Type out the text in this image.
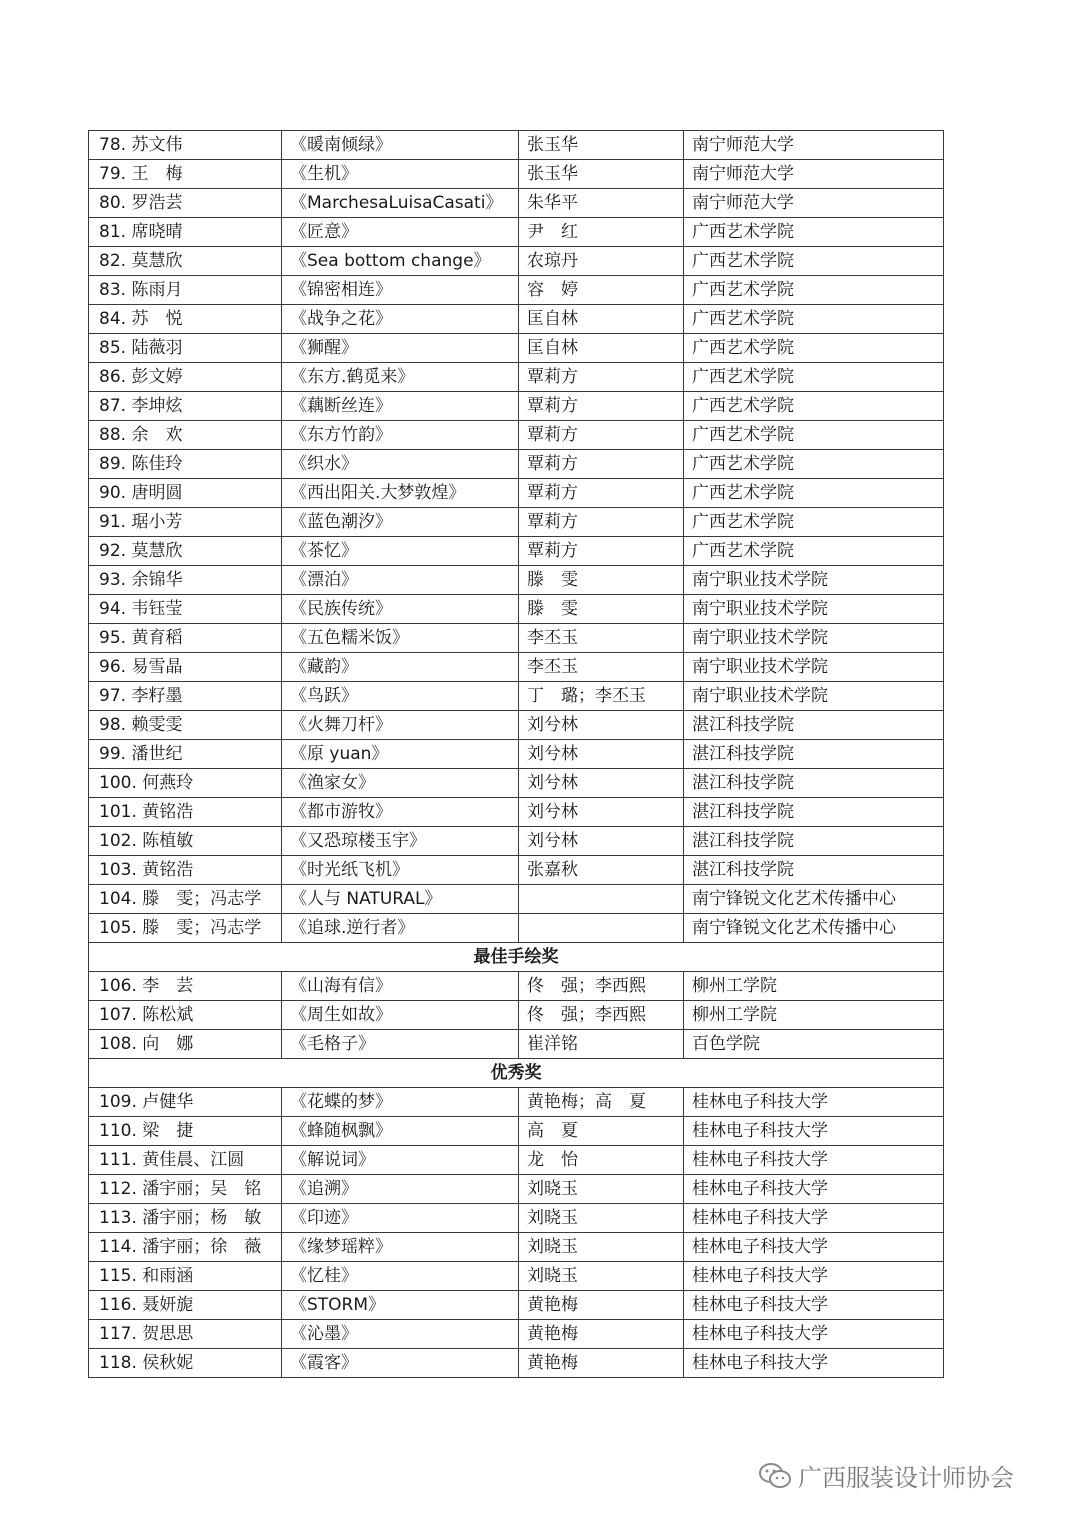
78. 苏文伟	《暖南倾绿》	张玉华	南宁师范大学
79. 王　梅	《生机》	张玉华	南宁师范大学
80. 罗浩芸	《MarchesaLuisaCasati》	朱华平	南宁师范大学
81. 席晓晴	《匠意》	尹　红	广西艺术学院
82. 莫慧欣	《Sea bottom change》	农琼丹	广西艺术学院
83. 陈雨月	《锦密相连》	容　婷	广西艺术学院
84. 苏　悦	《战争之花》	匡自林	广西艺术学院
85. 陆薇羽	《狮醒》	匡自林	广西艺术学院
86. 彭文婷	《东方.鹤觅来》	覃莉方	广西艺术学院
87. 李坤炫	《藕断丝连》	覃莉方	广西艺术学院
88. 余　欢	《东方竹韵》	覃莉方	广西艺术学院
89. 陈佳玲	《织水》	覃莉方	广西艺术学院
90. 唐明圆	《西出阳关.大梦敦煌》	覃莉方	广西艺术学院
91. 琚小芳	《蓝色潮汐》	覃莉方	广西艺术学院
92. 莫慧欣	《茶忆》	覃莉方	广西艺术学院
93. 余锦华	《漂泊》	滕　雯	南宁职业技术学院
94. 韦钰莹	《民族传统》	滕　雯	南宁职业技术学院
95. 黄育稻	《五色糯米饭》	李丕玉	南宁职业技术学院
96. 易雪晶	《藏韵》	李丕玉	南宁职业技术学院
97. 李籽墨	《鸟跃》	丁　璐；李丕玉	南宁职业技术学院
98. 赖雯雯	《火舞刀杆》	刘兮林	湛江科技学院
99. 潘世纪	《原 yuan》	刘兮林	湛江科技学院
100. 何燕玲	《渔家女》	刘兮林	湛江科技学院
101. 黄铭浩	《都市游牧》	刘兮林	湛江科技学院
102. 陈植敏	《又恐琼楼玉宇》	刘兮林	湛江科技学院
103. 黄铭浩	《时光纸飞机》	张嘉秋	湛江科技学院
104. 滕　雯；冯志学	《人与 NATURAL》		南宁锋锐文化艺术传播中心
105. 滕　雯；冯志学	《追球.逆行者》		南宁锋锐文化艺术传播中心
最佳手绘奖			
106. 李　芸	《山海有信》	佟　强；李西熙	柳州工学院
107. 陈松斌	《周生如故》	佟　强；李西熙	柳州工学院
108. 向　娜	《毛格子》	崔洋铭	百色学院
优秀奖			
109. 卢健华	《花蝶的梦》	黄艳梅；高　夏	桂林电子科技大学
110. 梁　捷	《蜂随枫飘》	高　夏	桂林电子科技大学
111. 黄佳晨、江圆	《解说词》	龙　怡	桂林电子科技大学
112. 潘宇丽；吴　铭	《追溯》	刘晓玉	桂林电子科技大学
113. 潘宇丽；杨　敏	《印迹》	刘晓玉	桂林电子科技大学
114. 潘宇丽；徐　薇	《缘梦瑶粹》	刘晓玉	桂林电子科技大学
115. 和雨涵	《忆桂》	刘晓玉	桂林电子科技大学
116. 聂妍旎	《STORM》	黄艳梅	桂林电子科技大学
117. 贺思思	《沁墨》	黄艳梅	桂林电子科技大学
118. 侯秋妮	《霞客》	黄艳梅	桂林电子科技大学
广西服装设计师协会
